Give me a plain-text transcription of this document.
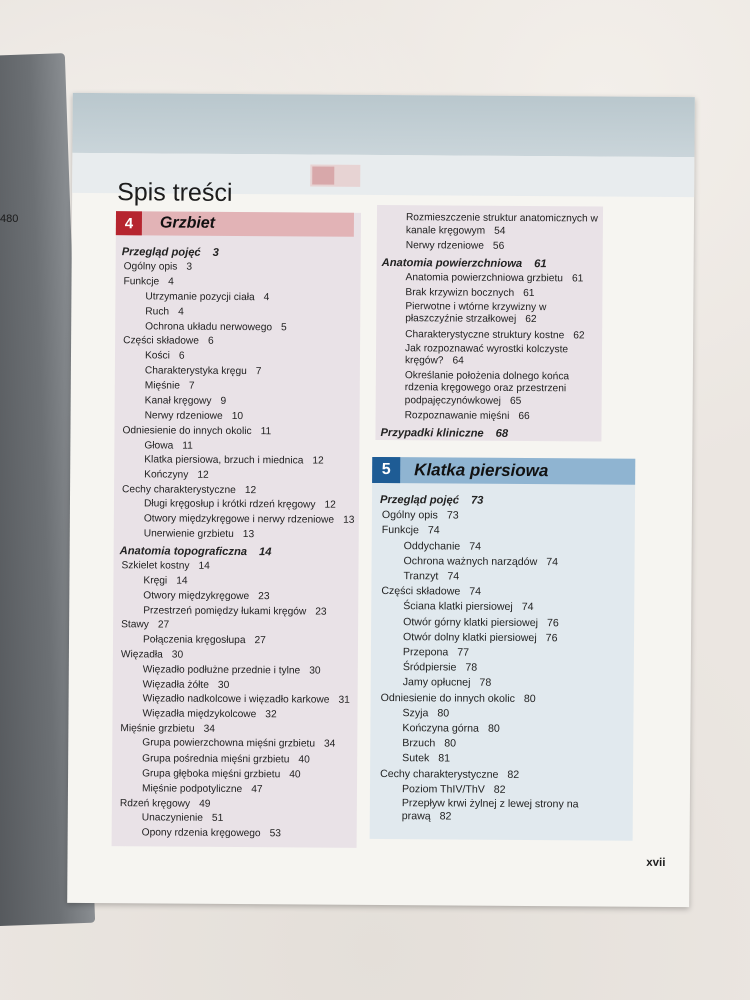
480
Spis treści
4	Grzbiet
5	Klatka piersiowa
Przegląd pojęć 3
Ogólny opis 3
Funkcje 4
Utrzymanie pozycji ciała 4
Ruch 4
Ochrona układu nerwowego 5
Części składowe 6
Kości 6
Charakterystyka kręgu 7
Mięśnie 7
Kanał kręgowy 9
Nerwy rdzeniowe 10
Odniesienie do innych okolic 11
Głowa 11
Klatka piersiowa, brzuch i miednica 12
Kończyny 12
Cechy charakterystyczne 12
Długi kręgosłup i krótki rdzeń kręgowy 12
Otwory międzykręgowe i nerwy rdzeniowe 13
Unerwienie grzbietu 13
Anatomia topograficzna 14
Szkielet kostny 14
Kręgi 14
Otwory międzykręgowe 23
Przestrzeń pomiędzy łukami kręgów 23
Stawy 27
Połączenia kręgosłupa 27
Więzadła 30
Więzadło podłużne przednie i tylne 30
Więzadła żółte 30
Więzadło nadkolcowe i więzadło karkowe 31
Więzadła międzykolcowe 32
Mięśnie grzbietu 34
Grupa powierzchowna mięśni grzbietu 34
Grupa pośrednia mięśni grzbietu 40
Grupa głęboka mięśni grzbietu 40
Mięśnie podpotyliczne 47
Rdzeń kręgowy 49
Unaczynienie 51
Opony rdzenia kręgowego 53
Rozmieszczenie struktur anatomicznych w kanale kręgowym 54
Nerwy rdzeniowe 56
Anatomia powierzchniowa 61
Anatomia powierzchniowa grzbietu 61
Brak krzywizn bocznych 61
Pierwotne i wtórne krzywizny w płaszczyźnie strzałkowej 62
Charakterystyczne struktury kostne 62
Jak rozpoznawać wyrostki kolczyste kręgów? 64
Określanie położenia dolnego końca rdzenia kręgowego oraz przestrzeni podpajęczynówkowej 65
Rozpoznawanie mięśni 66
Przypadki kliniczne 68
Przegląd pojęć 73
Ogólny opis 73
Funkcje 74
Oddychanie 74
Ochrona ważnych narządów 74
Tranzyt 74
Części składowe 74
Ściana klatki piersiowej 74
Otwór górny klatki piersiowej 76
Otwór dolny klatki piersiowej 76
Przepona 77
Śródpiersie 78
Jamy opłucnej 78
Odniesienie do innych okolic 80
Szyja 80
Kończyna górna 80
Brzuch 80
Sutek 81
Cechy charakterystyczne 82
Poziom ThIV/ThV 82
Przepływ krwi żylnej z lewej strony na prawą 82
xvii
